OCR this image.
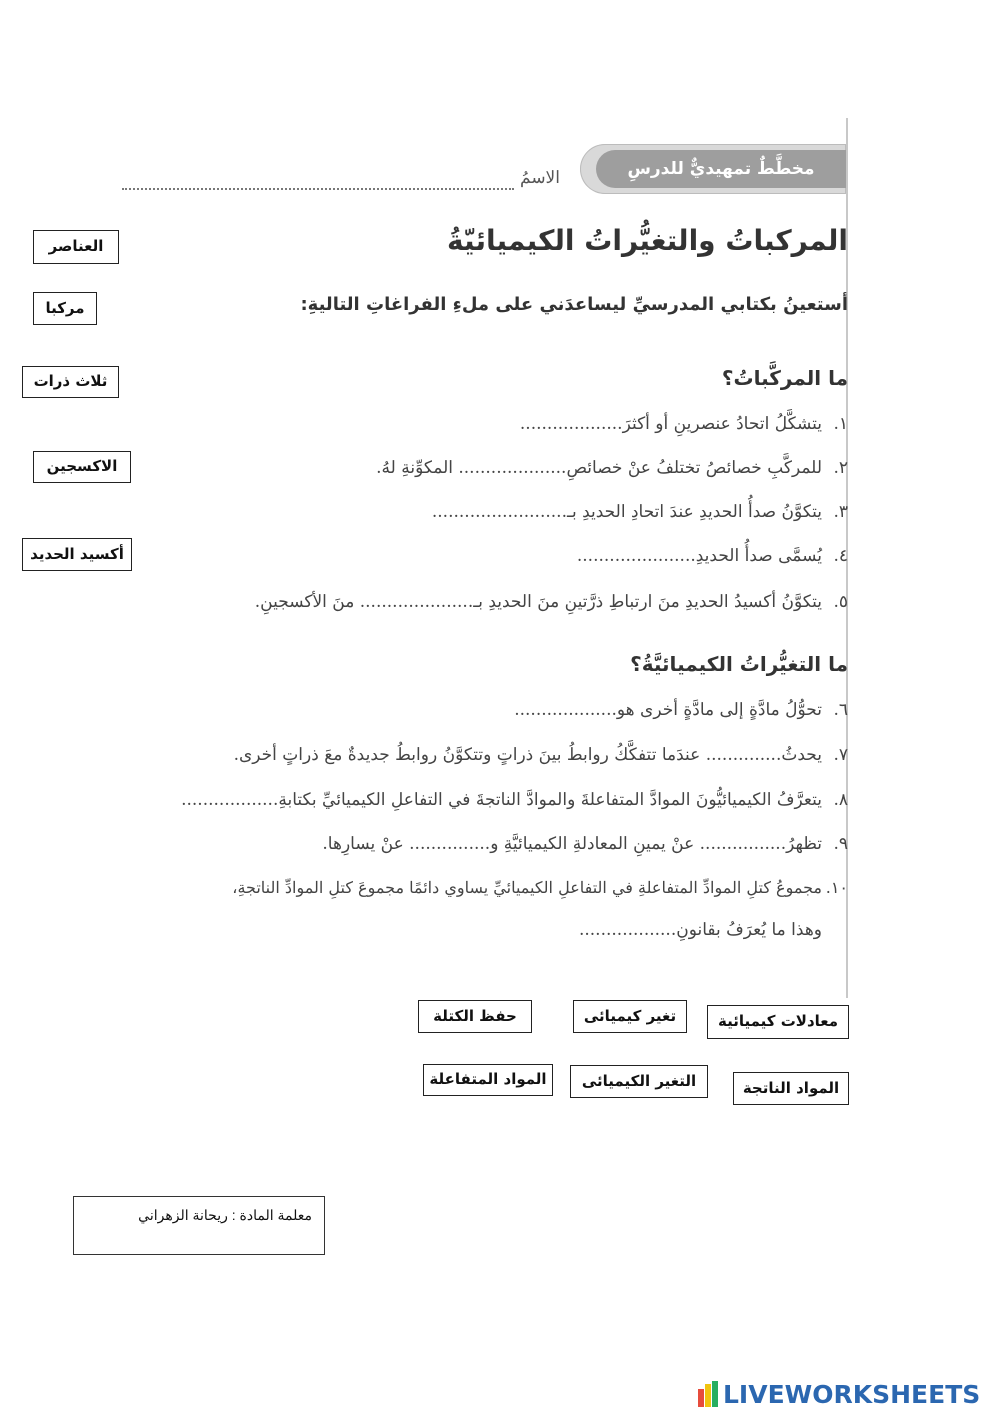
مخطَّطٌ تمهيديٌّ للدرسِ
الاسمُ
المركباتُ والتغيُّراتُ الكيميائيّةُ
أستعينُ بكتابي المدرسيِّ ليساعدَني على ملءِ الفراغاتِ التاليةِ:
ما المركَّباتُ؟
١.يتشكَّلُ اتحادُ عنصرينِ أو أكثرَ...................
٢.للمركَّبِ خصائصُ تختلفُ عنْ خصائصِ.................... المكوِّنةِ لهُ.
٣.يتكوَّنُ صدأُ الحديدِ عندَ اتحادِ الحديدِ بـ.........................
٤.يُسمَّى صدأُ الحديدِ......................
٥.يتكوَّنُ أكسيدُ الحديدِ منَ ارتباطِ ذرَّتينِ منَ الحديدِ بـ..................... منَ الأكسجينِ.
ما التغيُّراتُ الكيميائيَّةُ؟
٦.تحوُّلُ مادَّةٍ إلى مادَّةٍ أخرى هو...................
٧.يحدثُ.............. عندَما تتفكَّكُ روابطُ بينَ ذراتٍ وتتكوَّنُ روابطُ جديدةٌ معَ ذراتٍ أخرى.
٨.يتعرَّفُ الكيميائيُّونَ الموادَّ المتفاعلةَ والموادَّ الناتجةَ في التفاعلِ الكيميائيِّ بكتابةِ..................
٩.تظهرُ................ عنْ يمينِ المعادلةِ الكيميائيَّةِ و............... عنْ يسارِها.
١٠.مجموعُ كتلِ الموادِّ المتفاعلةِ في التفاعلِ الكيميائيِّ يساوي دائمًا مجموعَ كتلِ الموادِّ الناتجةِ،
وهذا ما يُعرَفُ بقانونِ..................
العناصر
مركبا
ثلاث ذرات
الاكسجين
أكسيد الحديد
حفظ الكتلة	تغير كيميائى	معادلات كيميائية
المواد المتفاعلة	التغير الكيميائى	المواد الناتجة
معلمة المادة : ريحانة الزهراني
LIVEWORKSHEETS
